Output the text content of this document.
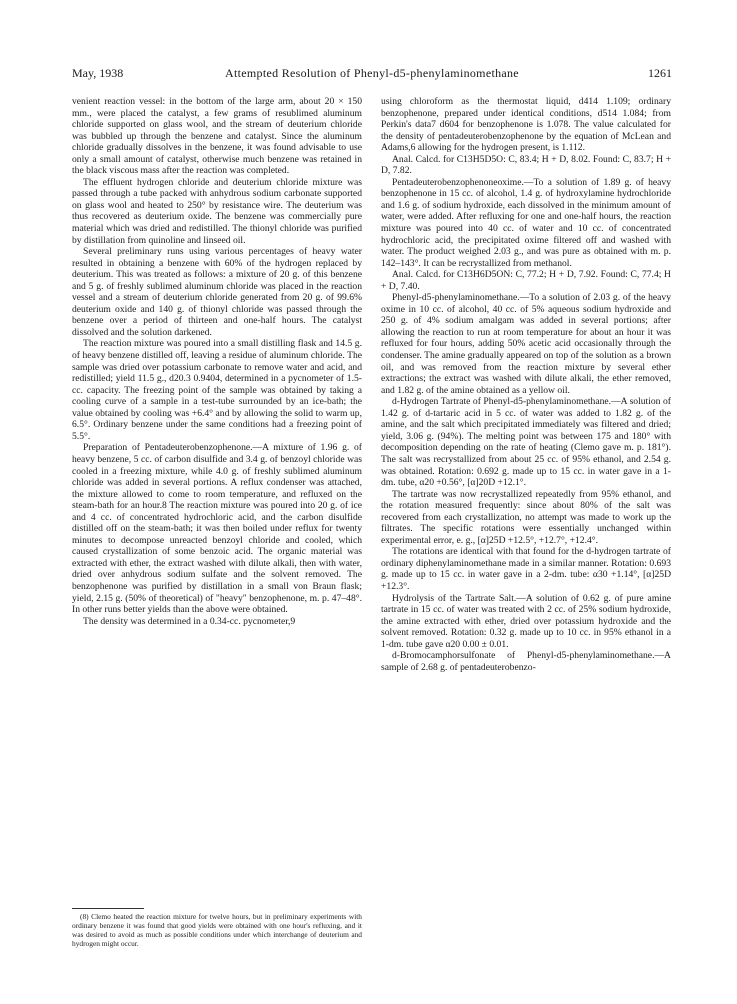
May, 1938	Attempted Resolution of Phenyl-d5-phenylaminomethane	1261

venient reaction vessel: in the bottom of the large arm, about 20 × 150 mm., were placed the catalyst, a few grams of resublimed aluminum chloride supported on glass wool, and the stream of deuterium chloride was bubbled up through the benzene and catalyst. Since the aluminum chloride gradually dissolves in the benzene, it was found advisable to use only a small amount of catalyst, otherwise much benzene was retained in the black viscous mass after the reaction was completed.

The effluent hydrogen chloride and deuterium chloride mixture was passed through a tube packed with anhydrous sodium carbonate supported on glass wool and heated to 250° by resistance wire. The deuterium was thus recovered as deuterium oxide. The benzene was commercially pure material which was dried and redistilled. The thionyl chloride was purified by distillation from quinoline and linseed oil.

Several preliminary runs using various percentages of heavy water resulted in obtaining a benzene with 60% of the hydrogen replaced by deuterium. This was treated as follows: a mixture of 20 g. of this benzene and 5 g. of freshly sublimed aluminum chloride was placed in the reaction vessel and a stream of deuterium chloride generated from 20 g. of 99.6% deuterium oxide and 140 g. of thionyl chloride was passed through the benzene over a period of thirteen and one-half hours. The catalyst dissolved and the solution darkened.

The reaction mixture was poured into a small distilling flask and 14.5 g. of heavy benzene distilled off, leaving a residue of aluminum chloride. The sample was dried over potassium carbonate to remove water and acid, and redistilled; yield 11.5 g., d20.3 0.9404, determined in a pycnometer of 1.5-cc. capacity. The freezing point of the sample was obtained by taking a cooling curve of a sample in a test-tube surrounded by an ice-bath; the value obtained by cooling was +6.4° and by allowing the solid to warm up, 6.5°. Ordinary benzene under the same conditions had a freezing point of 5.5°.

Preparation of Pentadeuterobenzophenone.—A mixture of 1.96 g. of heavy benzene, 5 cc. of carbon disulfide and 3.4 g. of benzoyl chloride was cooled in a freezing mixture, while 4.0 g. of freshly sublimed aluminum chloride was added in several portions. A reflux condenser was attached, the mixture allowed to come to room temperature, and refluxed on the steam-bath for an hour.8 The reaction mixture was poured into 20 g. of ice and 4 cc. of concentrated hydrochloric acid, and the carbon disulfide distilled off on the steam-bath; it was then boiled under reflux for twenty minutes to decompose unreacted benzoyl chloride and cooled, which caused crystallization of some benzoic acid. The organic material was extracted with ether, the extract washed with dilute alkali, then with water, dried over anhydrous sodium sulfate and the solvent removed. The benzophenone was purified by distillation in a small von Braun flask; yield, 2.15 g. (50% of theoretical) of "heavy" benzophenone, m. p. 47–48°. In other runs better yields than the above were obtained.

The density was determined in a 0.34-cc. pycnometer,9

(8) Clemo heated the reaction mixture for twelve hours, but in preliminary experiments with ordinary benzene it was found that good yields were obtained with one hour's refluxing, and it was desired to avoid as much as possible conditions under which interchange of deuterium and hydrogen might occur.

using chloroform as the thermostat liquid, d414 1.109; ordinary benzophenone, prepared under identical conditions, d514 1.084; from Perkin's data7 d604 for benzophenone is 1.078. The value calculated for the density of pentadeuterobenzophenone by the equation of McLean and Adams,6 allowing for the hydrogen present, is 1.112.

Anal. Calcd. for C13H5D5O: C, 83.4; H + D, 8.02. Found: C, 83.7; H + D, 7.82.

Pentadeuterobenzophenoneoxime.—To a solution of 1.89 g. of heavy benzophenone in 15 cc. of alcohol, 1.4 g. of hydroxylamine hydrochloride and 1.6 g. of sodium hydroxide, each dissolved in the minimum amount of water, were added. After refluxing for one and one-half hours, the reaction mixture was poured into 40 cc. of water and 10 cc. of concentrated hydrochloric acid, the precipitated oxime filtered off and washed with water. The product weighed 2.03 g., and was pure as obtained with m. p. 142–143°. It can be recrystallized from methanol.

Anal. Calcd. for C13H6D5ON: C, 77.2; H + D, 7.92. Found: C, 77.4; H + D, 7.40.

Phenyl-d5-phenylaminomethane.—To a solution of 2.03 g. of the heavy oxime in 10 cc. of alcohol, 40 cc. of 5% aqueous sodium hydroxide and 250 g. of 4% sodium amalgam was added in several portions; after allowing the reaction to run at room temperature for about an hour it was refluxed for four hours, adding 50% acetic acid occasionally through the condenser. The amine gradually appeared on top of the solution as a brown oil, and was removed from the reaction mixture by several ether extractions; the extract was washed with dilute alkali, the ether removed, and 1.82 g. of the amine obtained as a yellow oil.

d-Hydrogen Tartrate of Phenyl-d5-phenylaminomethane.—A solution of 1.42 g. of d-tartaric acid in 5 cc. of water was added to 1.82 g. of the amine, and the salt which precipitated immediately was filtered and dried; yield, 3.06 g. (94%). The melting point was between 175 and 180° with decomposition depending on the rate of heating (Clemo gave m. p. 181°). The salt was recrystallized from about 25 cc. of 95% ethanol, and 2.54 g. was obtained. Rotation: 0.692 g. made up to 15 cc. in water gave in a 1-dm. tube, α20 +0.56°, [α]20D +12.1°.

The tartrate was now recrystallized repeatedly from 95% ethanol, and the rotation measured frequently: since about 80% of the salt was recovered from each crystallization, no attempt was made to work up the filtrates. The specific rotations were essentially unchanged within experimental error, e. g., [α]25D +12.5°, +12.7°, +12.4°.

The rotations are identical with that found for the d-hydrogen tartrate of ordinary diphenylaminomethane made in a similar manner. Rotation: 0.693 g. made up to 15 cc. in water gave in a 2-dm. tube: α30 +1.14°, [α]25D +12.3°.

Hydrolysis of the Tartrate Salt.—A solution of 0.62 g. of pure amine tartrate in 15 cc. of water was treated with 2 cc. of 25% sodium hydroxide, the amine extracted with ether, dried over potassium hydroxide and the solvent removed. Rotation: 0.32 g. made up to 10 cc. in 95% ethanol in a 1-dm. tube gave α20 0.00 ± 0.01.

d-Bromocamphorsulfonate of Phenyl-d5-phenylaminomethane.—A sample of 2.68 g. of pentadeuterobenzo-
